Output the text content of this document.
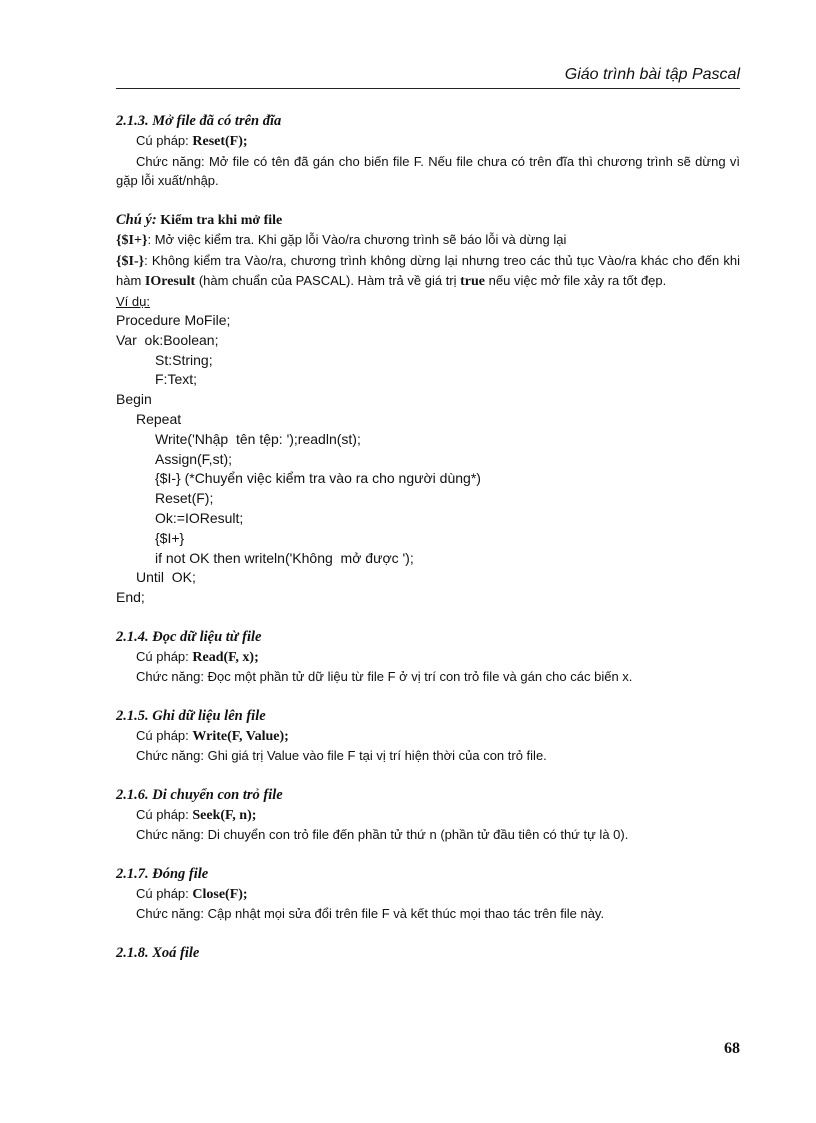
Giáo trình bài tập Pascal
2.1.3. Mở file đã có trên đĩa
Cú pháp: Reset(F);
Chức năng: Mở file có tên đã gán cho biến file F. Nếu file chưa có trên đĩa thì chương trình sẽ dừng vì gặp lỗi xuất/nhập.
Chú ý: Kiểm tra khi mở file
{$I+}: Mở việc kiểm tra. Khi gặp lỗi Vào/ra chương trình sẽ báo lỗi và dừng lại
{$I-}: Không kiểm tra Vào/ra, chương trình không dừng lại nhưng treo các thủ tục Vào/ra khác cho đến khi hàm IOresult (hàm chuẩn của PASCAL). Hàm trả về giá trị true nếu việc mở file xảy ra tốt đẹp.
Ví dụ:
Procedure MoFile;
Var  ok:Boolean;
St:String;
F:Text;
Begin
Repeat
Write('Nhập  tên tệp: ');readln(st);
Assign(F,st);
{$I-} (*Chuyển việc kiểm tra vào ra cho người dùng*)
Reset(F);
Ok:=IOResult;
{$I+}
if not OK then writeln('Không  mở được ');
Until  OK;
End;
2.1.4. Đọc dữ liệu từ file
Cú pháp: Read(F, x);
Chức năng: Đọc một phần tử dữ liệu từ file F ở vị trí con trỏ file và gán cho các biến x.
2.1.5. Ghi dữ liệu lên file
Cú pháp: Write(F, Value);
Chức năng: Ghi giá trị Value vào file F tại vị trí hiện thời của con trỏ file.
2.1.6. Di chuyển con trỏ file
Cú pháp: Seek(F, n);
Chức năng: Di chuyển con trỏ file đến phần tử thứ n (phần tử đầu tiên có thứ tự là 0).
2.1.7. Đóng file
Cú pháp: Close(F);
Chức năng: Cập nhật mọi sửa đổi trên file F và kết thúc mọi thao tác trên file này.
2.1.8. Xoá file
68
